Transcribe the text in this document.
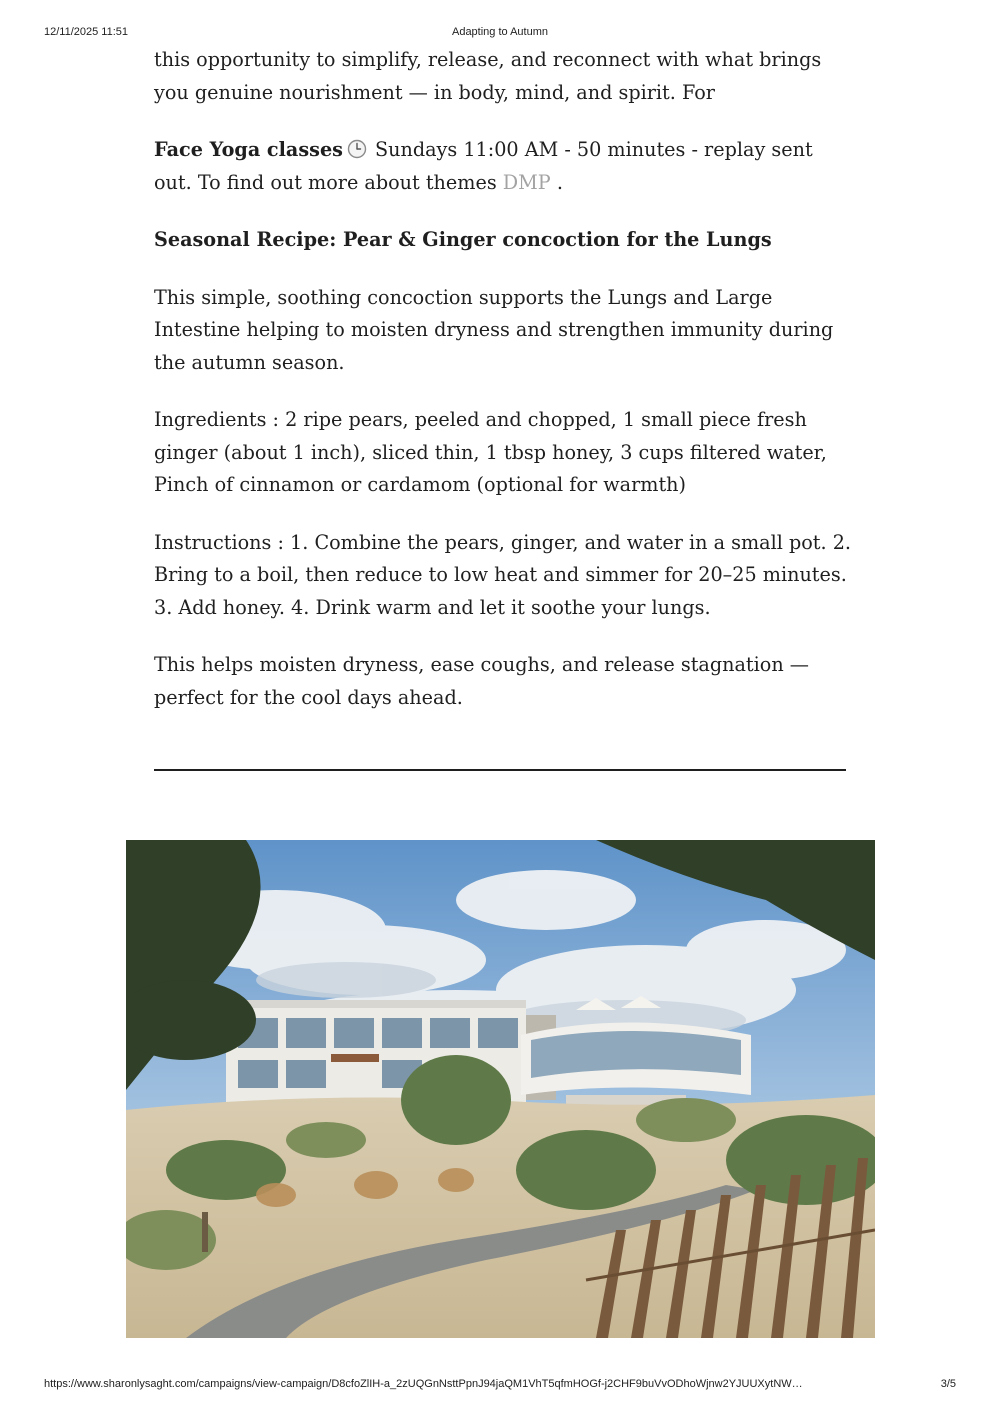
12/11/2025 11:51	Adapting to Autumn

this opportunity to simplify, release, and reconnect with what brings you genuine nourishment — in body, mind, and spirit. For

Face Yoga classes Sundays 11:00 AM - 50 minutes - replay sent out. To find out more about themes DMP .

Seasonal Recipe: Pear & Ginger concoction for the Lungs

This simple, soothing concoction supports the Lungs and Large Intestine helping to moisten dryness and strengthen immunity during the autumn season.

Ingredients : 2 ripe pears, peeled and chopped, 1 small piece fresh ginger (about 1 inch), sliced thin, 1 tbsp honey, 3 cups filtered water, Pinch of cinnamon or cardamom (optional for warmth)

Instructions : 1. Combine the pears, ginger, and water in a small pot. 2. Bring to a boil, then reduce to low heat and simmer for 20–25 minutes. 3. Add honey. 4. Drink warm and let it soothe your lungs.

This helps moisten dryness, ease coughs, and release stagnation — perfect for the cool days ahead.

https://www.sharonlysaght.com/campaigns/view-campaign/D8cfoZlIH-a_2zUQGnNsttPpnJ94jaQM1VhT5qfmHOGf-j2CHF9buVvODhoWjnw2YJUUXytNW…	3/5
